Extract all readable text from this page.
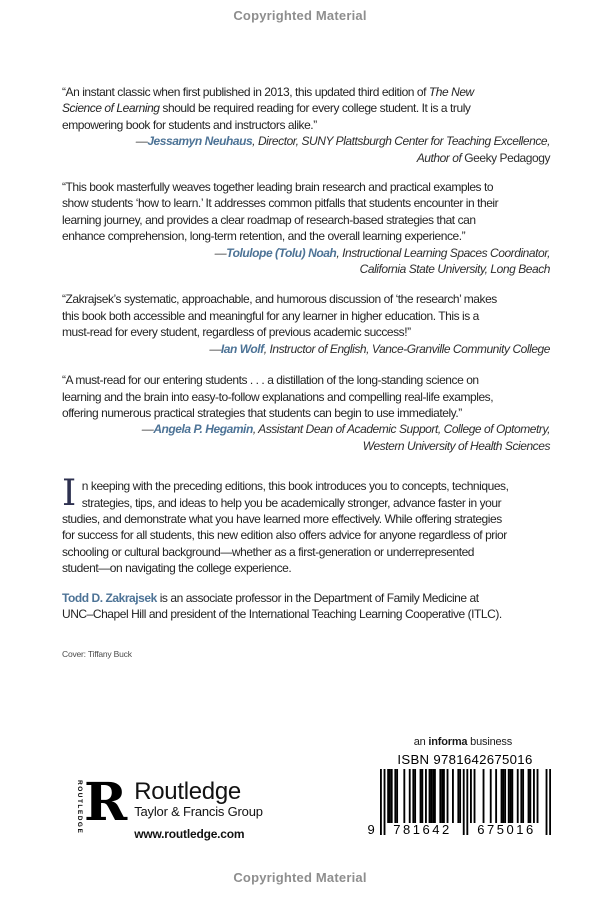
Copyrighted Material
“An instant classic when first published in 2013, this updated third edition of The New
Science of Learning should be required reading for every college student. It is a truly
empowering book for students and instructors alike.”
—Jessamyn Neuhaus, Director, SUNY Plattsburgh Center for Teaching Excellence,
Author of Geeky Pedagogy
“This book masterfully weaves together leading brain research and practical examples to
show students ‘how to learn.’ It addresses common pitfalls that students encounter in their
learning journey, and provides a clear roadmap of research-based strategies that can
enhance comprehension, long-term retention, and the overall learning experience.”
—Tolulope (Tolu) Noah, Instructional Learning Spaces Coordinator,
California State University, Long Beach
“Zakrajsek’s systematic, approachable, and humorous discussion of ‘the research’ makes
this book both accessible and meaningful for any learner in higher education. This is a
must-read for every student, regardless of previous academic success!”
—Ian Wolf, Instructor of English, Vance-Granville Community College
“A must-read for our entering students . . . a distillation of the long-standing science on
learning and the brain into easy-to-follow explanations and compelling real-life examples,
offering numerous practical strategies that students can begin to use immediately.”
—Angela P. Hegamin, Assistant Dean of Academic Support, College of Optometry,
Western University of Health Sciences
I n keeping with the preceding editions, this book introduces you to concepts, techniques,
strategies, tips, and ideas to help you be academically stronger, advance faster in your
studies, and demonstrate what you have learned more effectively. While offering strategies
for success for all students, this new edition also offers advice for anyone regardless of prior
schooling or cultural background—whether as a first-generation or underrepresented
student—on navigating the college experience.
Todd D. Zakrajsek is an associate professor in the Department of Family Medicine at
UNC–Chapel Hill and president of the International Teaching Learning Cooperative (ITLC).
Cover: Tiffany Buck
an informa business
ISBN 9781642675016
9	781642	675016
ROUTLEDGE R Routledge
Taylor & Francis Group
www.routledge.com
Copyrighted Material
